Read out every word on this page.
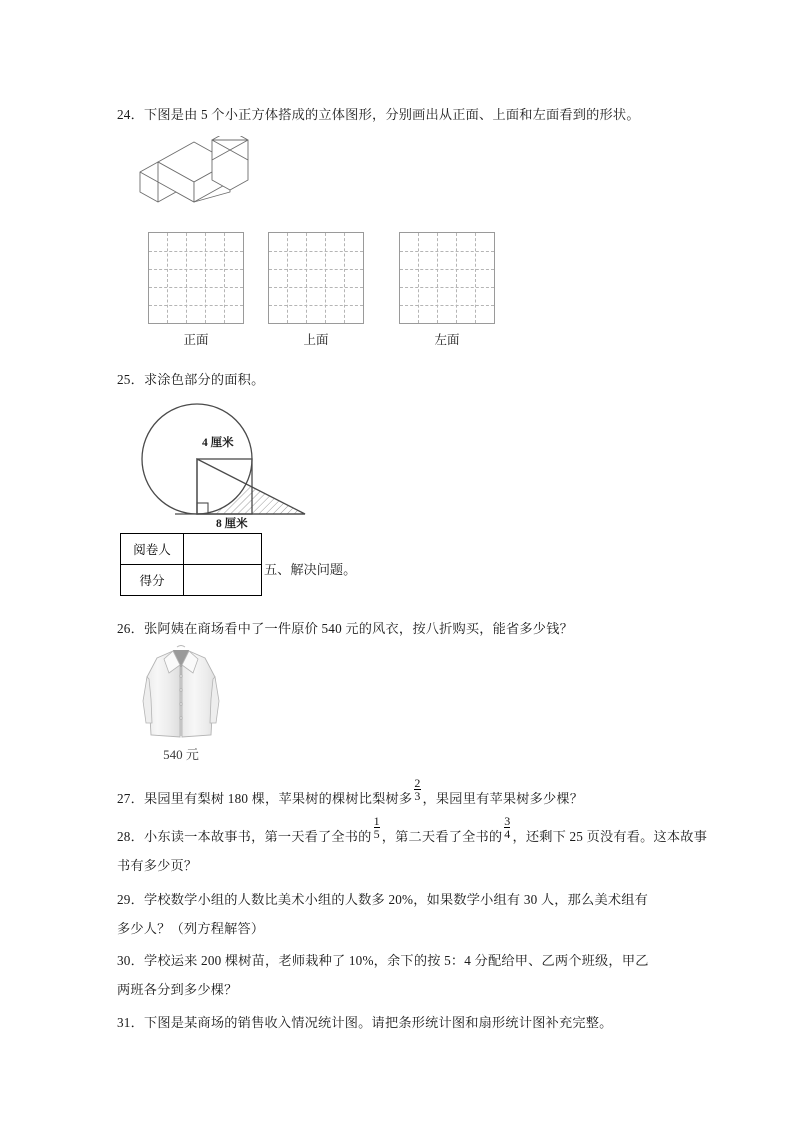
24．下图是由 5 个小正方体搭成的立体图形，分别画出从正面、上面和左面看到的形状。
正面	上面	左面
25．求涂色部分的面积。
4 厘米
8 厘米
阅卷人	
得分	
五、解决问题。
26．张阿姨在商场看中了一件原价 540 元的风衣，按八折购买，能省多少钱？
540 元
27．果园里有梨树 180 棵，苹果树的棵树比梨树多 $\frac{2}{3}$ ，果园里有苹果树多少棵？
28．小东读一本故事书，第一天看了全书的 $\frac{1}{5}$ ，第二天看了全书的 $\frac{3}{4}$ ，还剩下 25 页没有看。这本故事书有多少页？
29．学校数学小组的人数比美术小组的人数多 20%，如果数学小组有 30 人，那么美术组有
多少人？（列方程解答）
30．学校运来 200 棵树苗，老师栽种了 10%，余下的按 5：4 分配给甲、乙两个班级，甲乙
两班各分到多少棵？
31．下图是某商场的销售收入情况统计图。请把条形统计图和扇形统计图补充完整。
